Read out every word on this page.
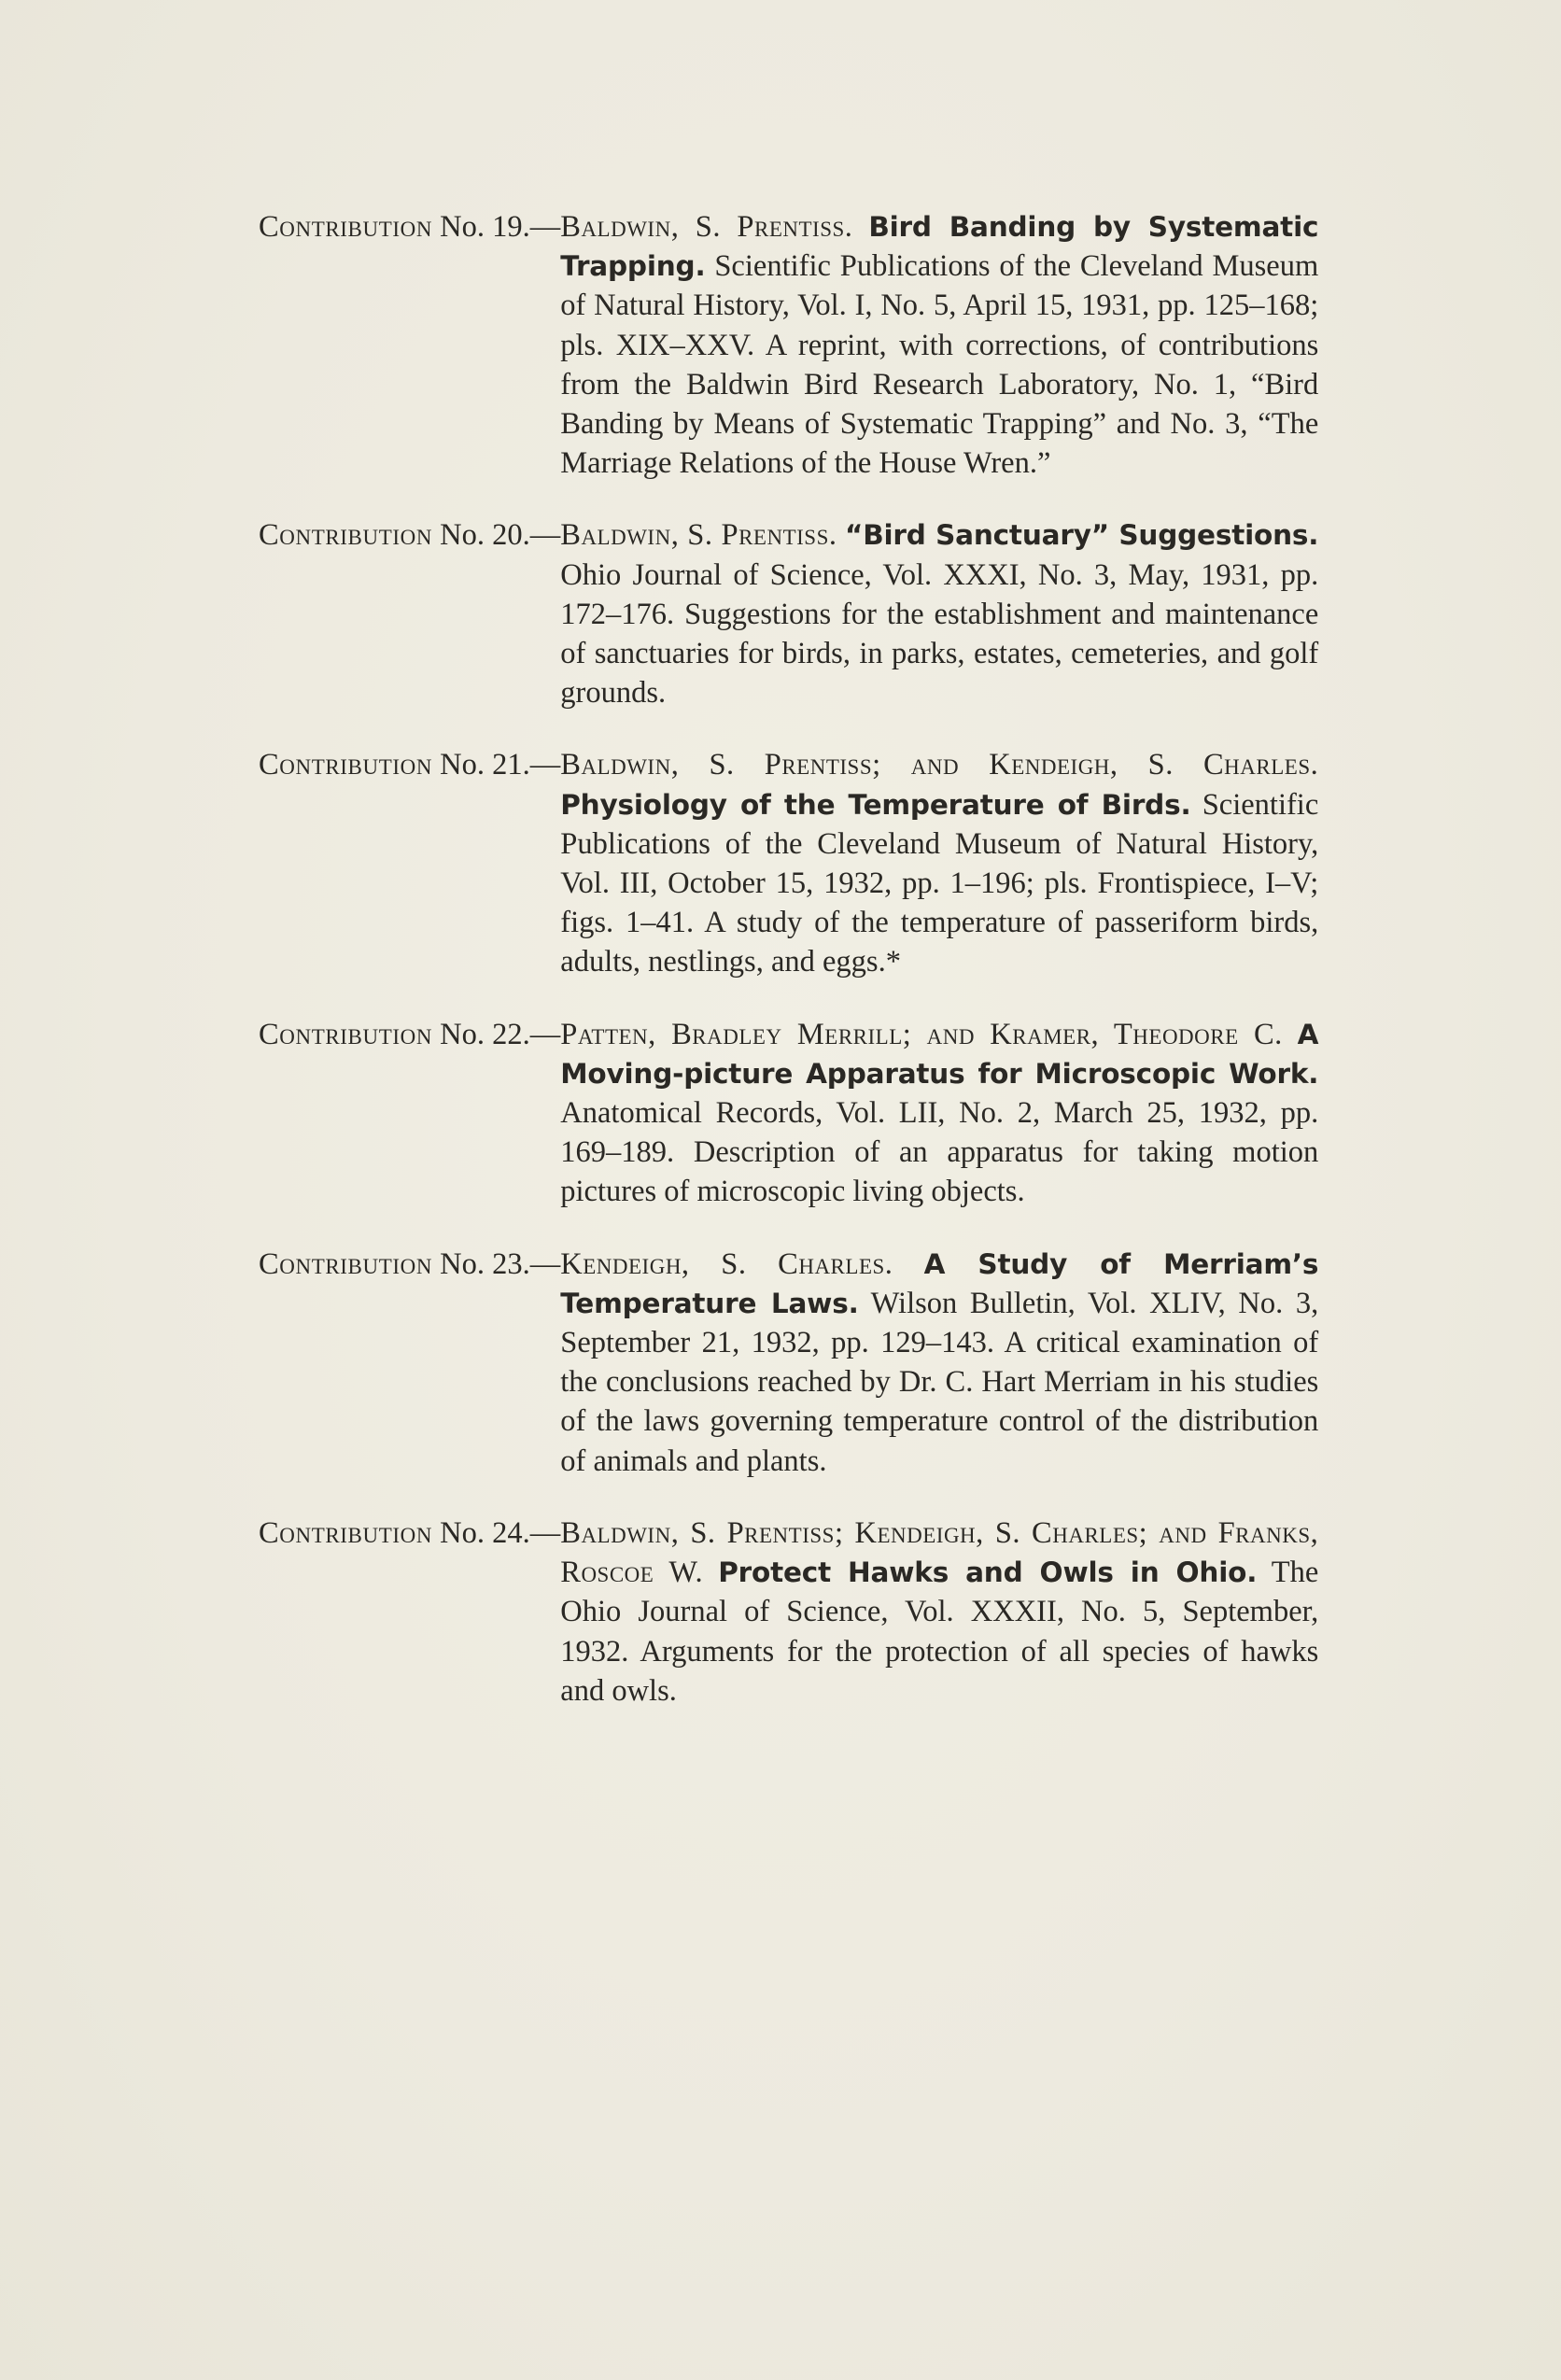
Contribution No. 19.— Baldwin, S. Prentiss. Bird Banding by Systematic Trapping. Scientific Publications of the Cleveland Museum of Natural History, Vol. I, No. 5, April 15, 1931, pp. 125–168; pls. XIX–XXV. A reprint, with corrections, of contributions from the Baldwin Bird Research Laboratory, No. 1, “Bird Banding by Means of Systematic Trapping” and No. 3, “The Marriage Relations of the House Wren.”
Contribution No. 20.— Baldwin, S. Prentiss. “Bird Sanctuary” Suggestions. Ohio Journal of Science, Vol. XXXI, No. 3, May, 1931, pp. 172–176. Suggestions for the establishment and maintenance of sanctuaries for birds, in parks, estates, cemeteries, and golf grounds.
Contribution No. 21.— Baldwin, S. Prentiss; and Kendeigh, S. Charles. Physiology of the Temperature of Birds. Scientific Publications of the Cleveland Museum of Natural History, Vol. III, October 15, 1932, pp. 1–196; pls. Frontispiece, I–V; figs. 1–41. A study of the temperature of passeriform birds, adults, nestlings, and eggs.*
Contribution No. 22.— Patten, Bradley Merrill; and Kramer, Theodore C. A Moving-picture Apparatus for Microscopic Work. Anatomical Records, Vol. LII, No. 2, March 25, 1932, pp. 169–189. Description of an apparatus for taking motion pictures of microscopic living objects.
Contribution No. 23.— Kendeigh, S. Charles. A Study of Merriam’s Temperature Laws. Wilson Bulletin, Vol. XLIV, No. 3, September 21, 1932, pp. 129–143. A critical examination of the conclusions reached by Dr. C. Hart Merriam in his studies of the laws governing temperature control of the distribution of animals and plants.
Contribution No. 24.— Baldwin, S. Prentiss; Kendeigh, S. Charles; and Franks, Roscoe W. Protect Hawks and Owls in Ohio. The Ohio Journal of Science, Vol. XXXII, No. 5, September, 1932. Arguments for the protection of all species of hawks and owls.
